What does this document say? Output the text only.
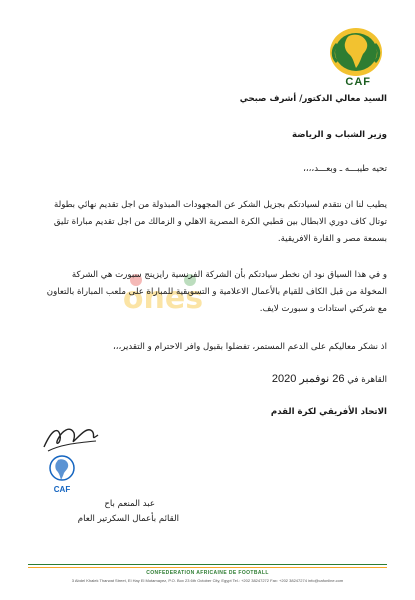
CAF
السيد معالي الدكتور/ أشرف صبحي
وزير الشباب و الرياضة
تحيه طيبـــه ـ وبعـــد،،،،
يطيب لنا ان نتقدم لسيادتكم بجزيل الشكر عن المجهودات المبذولة من اجل تقديم نهائي بطولة
توتال كاف دوري الابطال بين قطبي الكرة المصرية الاهلي و الزمالك من اجل تقديم مباراة تليق
بسمعة مصر و القارة الافريقية.
ones
و في هذا السياق نود ان نخطر سيادتكم بأن الشركة الفرنسية رايزينج سبورت هي الشركة
المخولة من قبل الكاف للقيام بالأعمال الاعلامية و التسويقية للمباراة على ملعب المباراة بالتعاون
مع شركتي استادات و سبورت لايف.
اذ نشكر معاليكم على الدعم المستمر، تفضلوا بقبول وافر الاحترام و التقدير،،،
القاهرة في 26 نوفمبر 2020
الاتحاد الأفريقي لكرة القدم
CAF
عبد المنعم باح
القائم بأعمال السكرتير العام
CONFEDERATION AFRICAINE DE FOOTBALL
3 Abdel Khalek Tharwat Street, El Hay El Motamayez, P.O. Box 23 6th October City, Egypt Tel.: +202 38247272 Fax: +202 38247274 info@cafonline.com
